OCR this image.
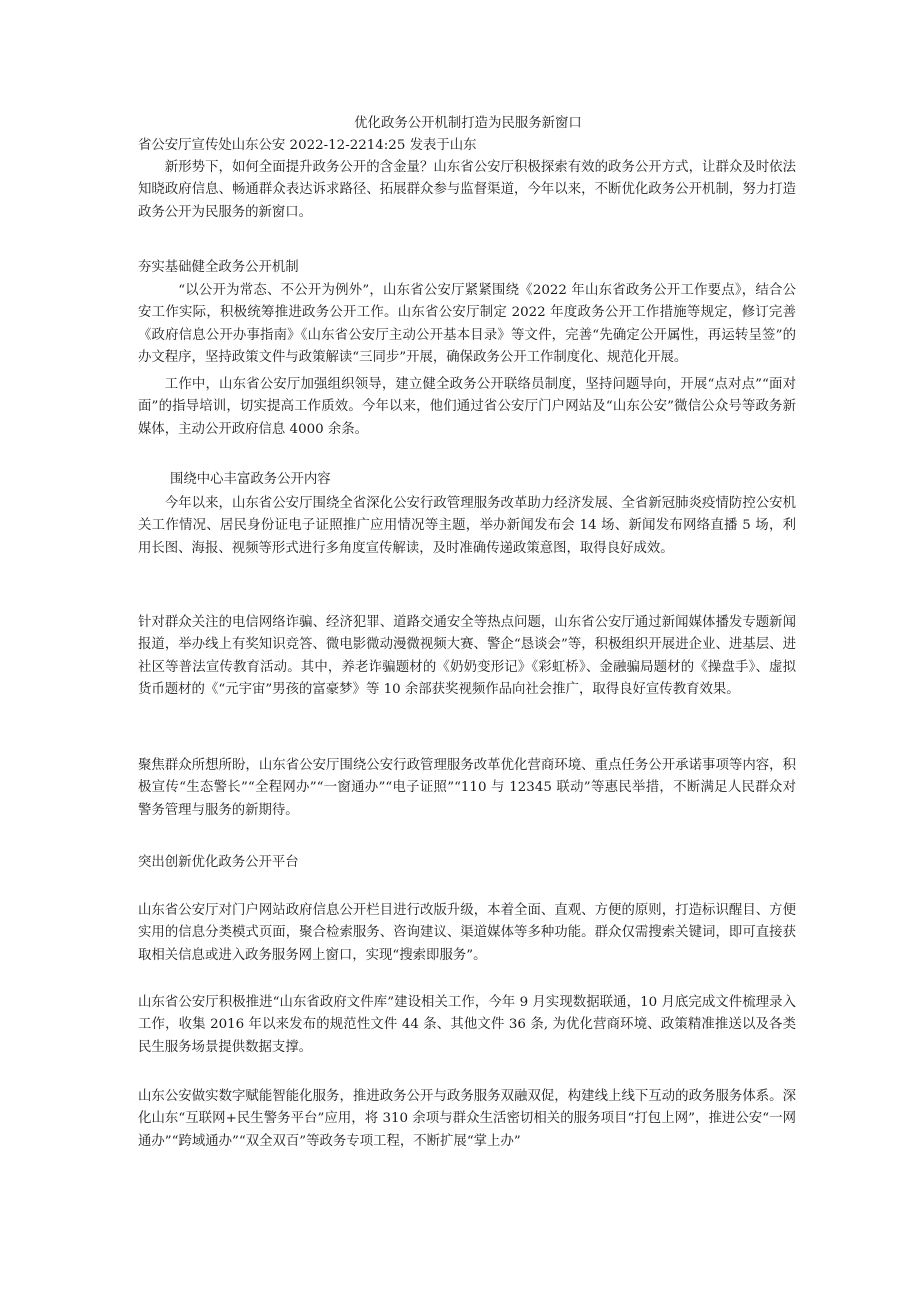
优化政务公开机制打造为民服务新窗口
省公安厅宣传处山东公安 2022-12-2214:25 发表于山东

新形势下，如何全面提升政务公开的含金量？山东省公安厅积极探索有效的政务公开方式，让群众及时依法知晓政府信息、畅通群众表达诉求路径、拓展群众参与监督渠道，今年以来，不断优化政务公开机制，努力打造政务公开为民服务的新窗口。

夯实基础健全政务公开机制

“以公开为常态、不公开为例外”，山东省公安厅紧紧围绕《2022 年山东省政务公开工作要点》，结合公安工作实际，积极统筹推进政务公开工作。山东省公安厅制定 2022 年度政务公开工作措施等规定，修订完善《政府信息公开办事指南》《山东省公安厅主动公开基本目录》等文件，完善“先确定公开属性，再运转呈签”的办文程序，坚持政策文件与政策解读“三同步”开展，确保政务公开工作制度化、规范化开展。

工作中，山东省公安厅加强组织领导，建立健全政务公开联络员制度，坚持问题导向，开展“点对点”“面对面”的指导培训，切实提高工作质效。今年以来，他们通过省公安厅门户网站及“山东公安”微信公众号等政务新媒体，主动公开政府信息 4000 余条。

围绕中心丰富政务公开内容

今年以来，山东省公安厅围绕全省深化公安行政管理服务改革助力经济发展、全省新冠肺炎疫情防控公安机关工作情况、居民身份证电子证照推广应用情况等主题，举办新闻发布会 14 场、新闻发布网络直播 5 场，利用长图、海报、视频等形式进行多角度宣传解读，及时准确传递政策意图，取得良好成效。

针对群众关注的电信网络诈骗、经济犯罪、道路交通安全等热点问题，山东省公安厅通过新闻媒体播发专题新闻报道，举办线上有奖知识竞答、微电影微动漫微视频大赛、警企“恳谈会”等，积极组织开展进企业、进基层、进社区等普法宣传教育活动。其中，养老诈骗题材的《奶奶变形记》《彩虹桥》、金融骗局题材的《操盘手》、虚拟货币题材的《“元宇宙”男孩的富豪梦》等 10 余部获奖视频作品向社会推广，取得良好宣传教育效果。

聚焦群众所想所盼，山东省公安厅围绕公安行政管理服务改革优化营商环境、重点任务公开承诺事项等内容，积极宣传“生态警长”“全程网办”“一窗通办”“电子证照”“110 与 12345 联动”等惠民举措，不断满足人民群众对警务管理与服务的新期待。

突出创新优化政务公开平台

山东省公安厅对门户网站政府信息公开栏目进行改版升级，本着全面、直观、方便的原则，打造标识醒目、方便实用的信息分类模式页面，聚合检索服务、咨询建议、渠道媒体等多种功能。群众仅需搜索关键词，即可直接获取相关信息或进入政务服务网上窗口，实现“搜索即服务”。

山东省公安厅积极推进“山东省政府文件库”建设相关工作，今年 9 月实现数据联通，10 月底完成文件梳理录入工作，收集 2016 年以来发布的规范性文件 44 条、其他文件 36 条, 为优化营商环境、政策精准推送以及各类民生服务场景提供数据支撑。

山东公安做实数字赋能智能化服务，推进政务公开与政务服务双融双促，构建线上线下互动的政务服务体系。深化山东“互联网+民生警务平台”应用，将 310 余项与群众生活密切相关的服务项目“打包上网”，推进公安“一网通办”“跨域通办”“双全双百”等政务专项工程，不断扩展“掌上办”
